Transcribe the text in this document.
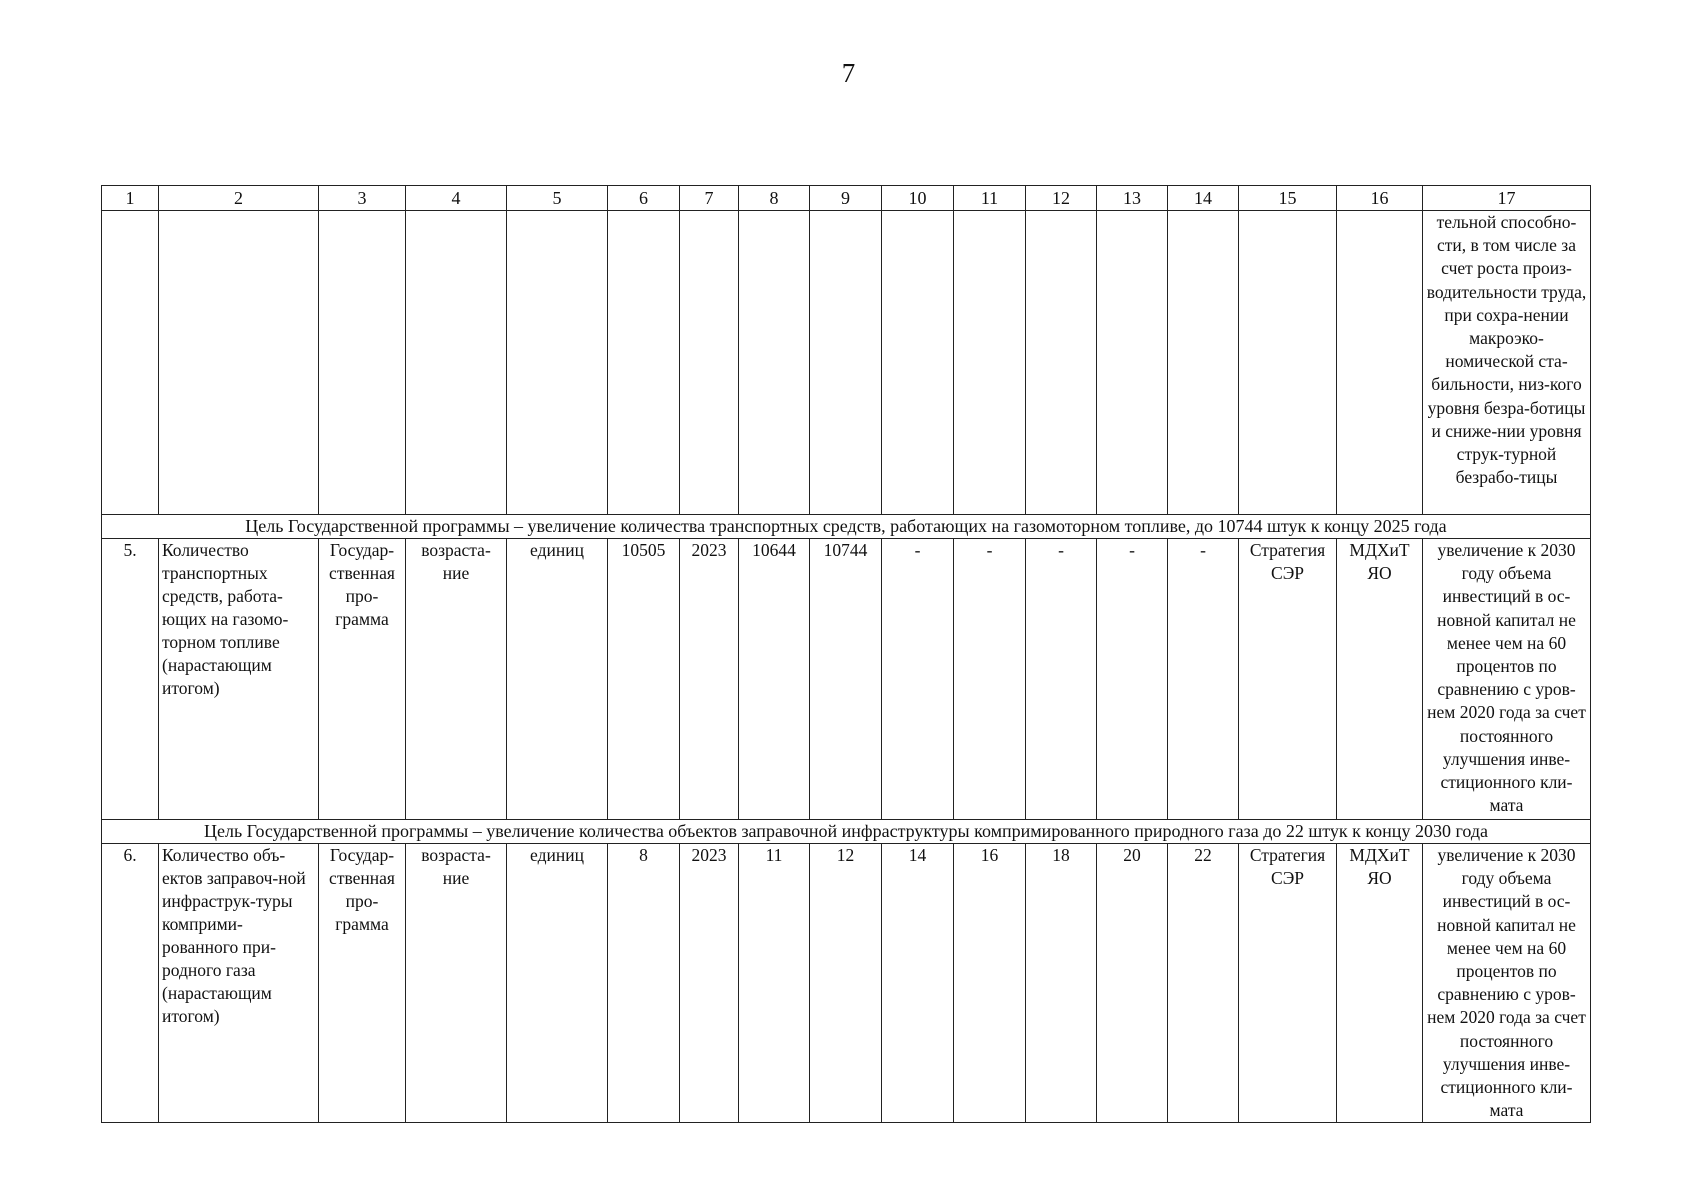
7
1	2	3	4	5	6	7	8	9	10	11	12	13	14	15	16	17
																тельной способно-сти, в том числе за счет роста произ-водительности труда, при сохра-нении макроэко-номической ста-бильности, низ-кого уровня безра-ботицы и сниже-нии уровня струк-турной безрабо-тицы
Цель Государственной программы – увеличение количества транспортных средств, работающих на газомоторном топливе, до 10744 штук к концу 2025 года																
5.	Количество транспортных средств, работа-ющих на газомо-торном топливе (нарастающим итогом)	Государ-ственная про-грамма	возраста-ние	единиц	10505	2023	10644	10744	-	-	-	-	-	Стратегия СЭР	МДХиТ ЯО	увеличение к 2030 году объема инвестиций в ос-новной капитал не менее чем на 60 процентов по сравнению с уров-нем 2020 года за счет постоянного улучшения инве-стиционного кли-мата
Цель Государственной программы – увеличение количества объектов заправочной инфраструктуры компримированного природного газа до 22 штук к концу 2030 года																
6.	Количество объ-ектов заправоч-ной инфраструк-туры комприми-рованного при-родного газа (нарастающим итогом)	Государ-ственная про-грамма	возраста-ние	единиц	8	2023	11	12	14	16	18	20	22	Стратегия СЭР	МДХиТ ЯО	увеличение к 2030 году объема инвестиций в ос-новной капитал не менее чем на 60 процентов по сравнению с уров-нем 2020 года за счет постоянного улучшения инве-стиционного кли-мата
